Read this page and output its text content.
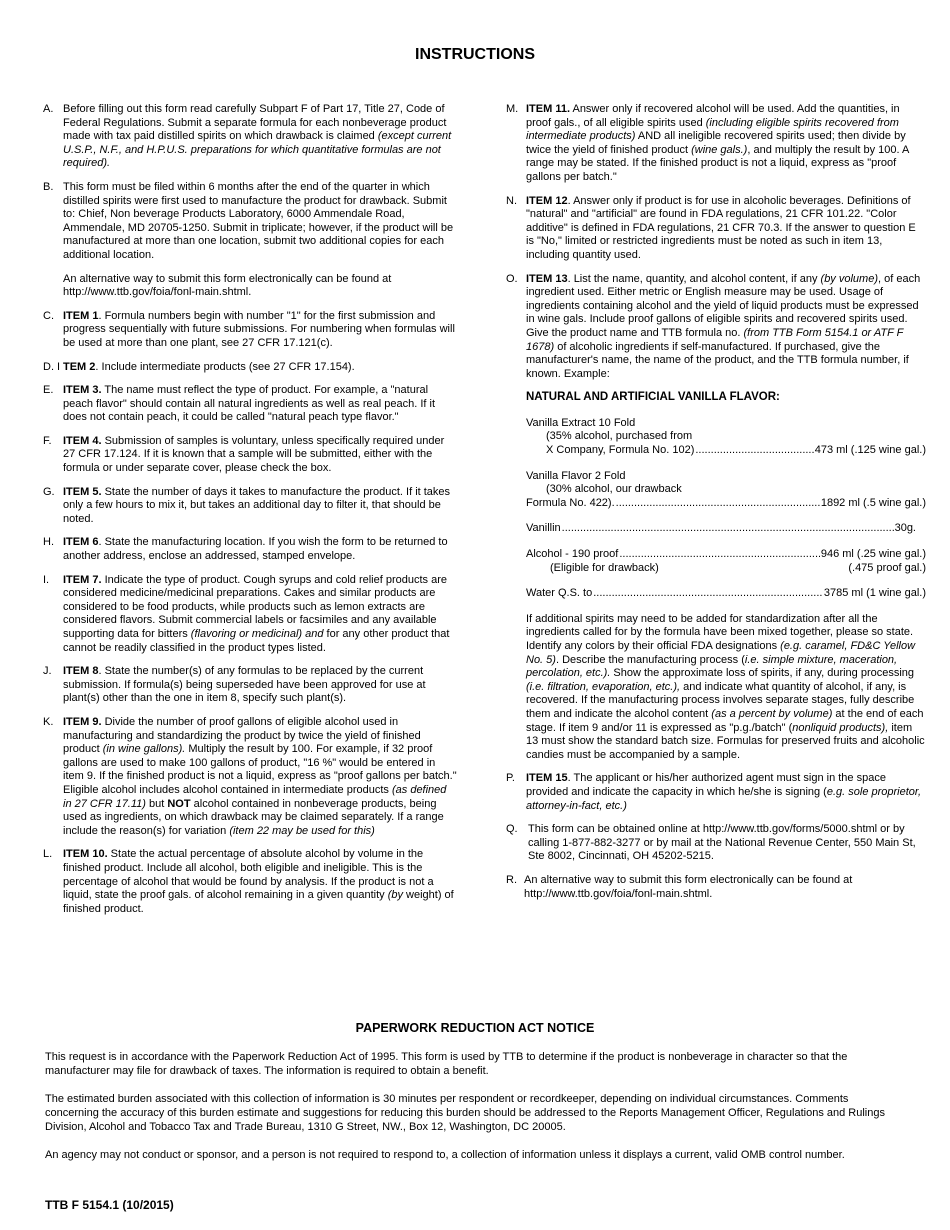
INSTRUCTIONS
A. Before filling out this form read carefully Subpart F of Part 17, Title 27, Code of Federal Regulations. Submit a separate formula for each nonbeverage product made with tax paid distilled spirits on which drawback is claimed (except current U.S.P., N.F., and H.P.U.S. preparations for which quantitative formulas are not required).
B. This form must be filed within 6 months after the end of the quarter in which distilled spirits were first used to manufacture the product for drawback. Submit to: Chief, Non beverage Products Laboratory, 6000 Ammendale Road, Ammendale, MD 20705-1250. Submit in triplicate; however, if the product will be manufactured at more than one location, submit two additional copies for each additional location.
An alternative way to submit this form electronically can be found at http://www.ttb.gov/foia/fonl-main.shtml.
C. ITEM 1. Formula numbers begin with number "1" for the first submission and progress sequentially with future submissions. For numbering when formulas will be used at more than one plant, see 27 CFR 17.121(c).
D. I TEM 2. Include intermediate products (see 27 CFR 17.154).
E. ITEM 3. The name must reflect the type of product. For example, a "natural peach flavor" should contain all natural ingredients as well as real peach. If it does not contain peach, it could be called "natural peach type flavor."
F. ITEM 4. Submission of samples is voluntary, unless specifically required under 27 CFR 17.124. If it is known that a sample will be submitted, either with the formula or under separate cover, please check the box.
G. ITEM 5. State the number of days it takes to manufacture the product. If it takes only a few hours to mix it, but takes an additional day to filter it, that should be noted.
H. ITEM 6. State the manufacturing location. If you wish the form to be returned to another address, enclose an addressed, stamped envelope.
I. ITEM 7. Indicate the type of product. Cough syrups and cold relief products are considered medicine/medicinal preparations. Cakes and similar products are considered to be food products, while products such as lemon extracts are considered flavors. Submit commercial labels or facsimiles and any available supporting data for bitters (flavoring or medicinal) and for any other product that cannot be readily classified in the product types listed.
J. ITEM 8. State the number(s) of any formulas to be replaced by the current submission. If formula(s) being superseded have been approved for use at plant(s) other than the one in item 8, specify such plant(s).
K. ITEM 9. Divide the number of proof gallons of eligible alcohol used in manufacturing and standardizing the product by twice the yield of finished product (in wine gallons). Multiply the result by 100. For example, if 32 proof gallons are used to make 100 gallons of product, "16 %" would be entered in item 9. If the finished product is not a liquid, express as "proof gallons per batch." Eligible alcohol includes alcohol contained in intermediate products (as defined in 27 CFR 17.11) but NOT alcohol contained in nonbeverage products, being used as ingredients, on which drawback may be claimed separately. If a range include the reason(s) for variation (item 22 may be used for this)
L. ITEM 10. State the actual percentage of absolute alcohol by volume in the finished product. Include all alcohol, both eligible and ineligible. This is the percentage of alcohol that would be found by analysis. If the product is not a liquid, state the proof gals. of alcohol remaining in a given quantity (by weight) of finished product.
M. ITEM 11. Answer only if recovered alcohol will be used. Add the quantities, in proof gals., of all eligible spirits used (including eligible spirits recovered from intermediate products) AND all ineligible recovered spirits used; then divide by twice the yield of finished product (wine gals.), and multiply the result by 100. A range may be stated. If the finished product is not a liquid, express as "proof gallons per batch."
N. ITEM 12. Answer only if product is for use in alcoholic beverages. Definitions of "natural" and "artificial" are found in FDA regulations, 21 CFR 101.22. "Color additive" is defined in FDA regulations, 21 CFR 70.3. If the answer to question E is "No," limited or restricted ingredients must be noted as such in item 13, including quantity used.
O. ITEM 13. List the name, quantity, and alcohol content, if any (by volume), of each ingredient used. Either metric or English measure may be used. Usage of ingredients containing alcohol and the yield of liquid products must be expressed in wine gals. Include proof gallons of eligible spirits and recovered spirits used. Give the product name and TTB formula no. (from TTB Form 5154.1 or ATF F 1678) of alcoholic ingredients if self-manufactured. If purchased, give the manufacturer's name, the name of the product, and the TTB formula number, if known. Example:
NATURAL AND ARTIFICIAL VANILLA FLAVOR:
Vanilla Extract 10 Fold
(35% alcohol, purchased from
X Company, Formula No. 102) .....	473 ml (.125 wine gal.)
Vanilla Flavor 2 Fold
(30% alcohol, our drawback
Formula No. 422). .....	1892 ml (.5 wine gal.)
Vanillin .....	30g.
Alcohol - 190 proof .....	946 ml (.25 wine gal.)
(Eligible for drawback)	(.475 proof gal.)
Water Q.S. to .....	3785 ml (1 wine gal.)
If additional spirits may need to be added for standardization after all the ingredients called for by the formula have been mixed together, please so state. Identify any colors by their official FDA designations (e.g. caramel, FD&C Yellow No. 5). Describe the manufacturing process (i.e. simple mixture, maceration, percolation, etc.). Show the approximate loss of spirits, if any, during processing (i.e. filtration, evaporation, etc.), and indicate what quantity of alcohol, if any, is recovered. If the manufacturing process involves separate stages, fully describe them and indicate the alcohol content (as a percent by volume) at the end of each stage. If item 9 and/or 11 is expressed as "p.g./batch" (nonliquid products), item 13 must show the standard batch size. Formulas for preserved fruits and alcoholic candies must be accompanied by a sample.
P. ITEM 15. The applicant or his/her authorized agent must sign in the space provided and indicate the capacity in which he/she is signing (e.g. sole proprietor, attorney-in-fact, etc.)
Q. This form can be obtained online at http://www.ttb.gov/forms/5000.shtml or by calling 1-877-882-3277 or by mail at the National Revenue Center, 550 Main St, Ste 8002, Cincinnati, OH 45202-5215.
R. An alternative way to submit this form electronically can be found at http://www.ttb.gov/foia/fonl-main.shtml.
PAPERWORK REDUCTION ACT NOTICE
This request is in accordance with the Paperwork Reduction Act of 1995. This form is used by TTB to determine if the product is nonbeverage in character so that the manufacturer may file for drawback of taxes. The information is required to obtain a benefit.
The estimated burden associated with this collection of information is 30 minutes per respondent or recordkeeper, depending on individual circumstances. Comments concerning the accuracy of this burden estimate and suggestions for reducing this burden should be addressed to the Reports Management Officer, Regulations and Rulings Division, Alcohol and Tobacco Tax and Trade Bureau, 1310 G Street, NW., Box 12, Washington, DC 20005.
An agency may not conduct or sponsor, and a person is not required to respond to, a collection of information unless it displays a current, valid OMB control number.
TTB F 5154.1 (10/2015)
